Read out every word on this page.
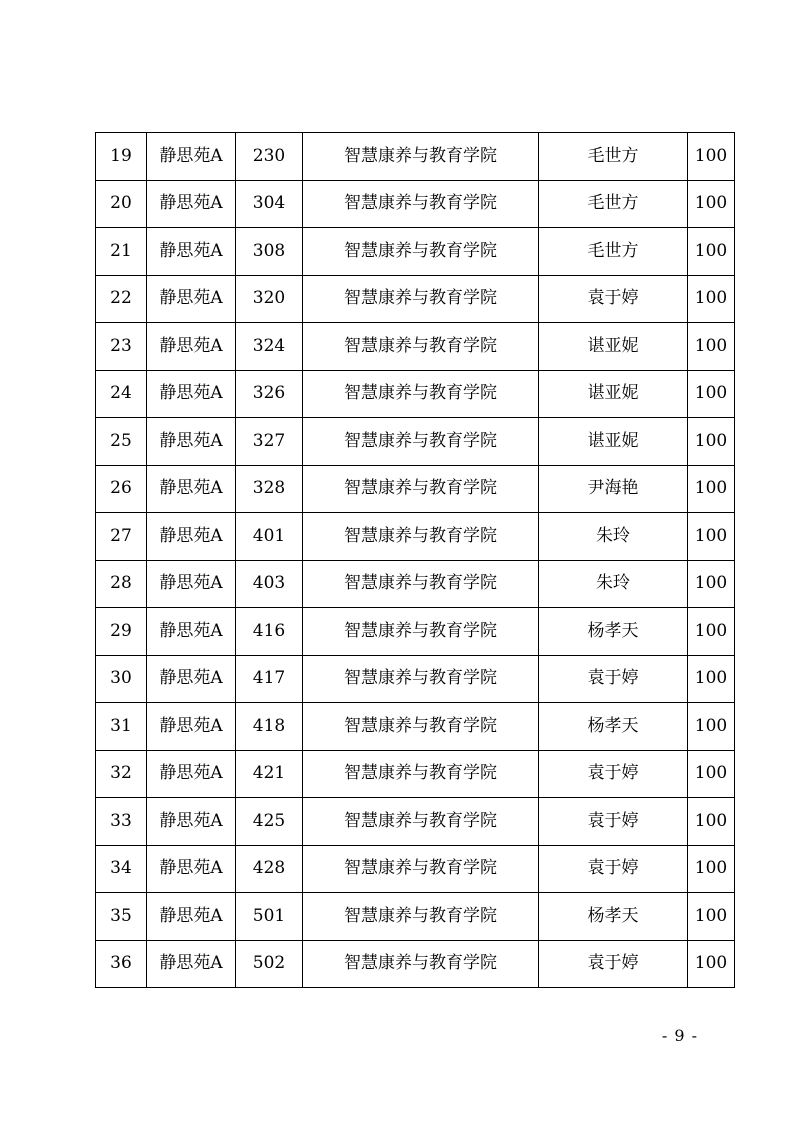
19	静思苑A	230	智慧康养与教育学院	毛世方	100
20	静思苑A	304	智慧康养与教育学院	毛世方	100
21	静思苑A	308	智慧康养与教育学院	毛世方	100
22	静思苑A	320	智慧康养与教育学院	袁于婷	100
23	静思苑A	324	智慧康养与教育学院	谌亚妮	100
24	静思苑A	326	智慧康养与教育学院	谌亚妮	100
25	静思苑A	327	智慧康养与教育学院	谌亚妮	100
26	静思苑A	328	智慧康养与教育学院	尹海艳	100
27	静思苑A	401	智慧康养与教育学院	朱玲	100
28	静思苑A	403	智慧康养与教育学院	朱玲	100
29	静思苑A	416	智慧康养与教育学院	杨孝天	100
30	静思苑A	417	智慧康养与教育学院	袁于婷	100
31	静思苑A	418	智慧康养与教育学院	杨孝天	100
32	静思苑A	421	智慧康养与教育学院	袁于婷	100
33	静思苑A	425	智慧康养与教育学院	袁于婷	100
34	静思苑A	428	智慧康养与教育学院	袁于婷	100
35	静思苑A	501	智慧康养与教育学院	杨孝天	100
36	静思苑A	502	智慧康养与教育学院	袁于婷	100
- 9 -
